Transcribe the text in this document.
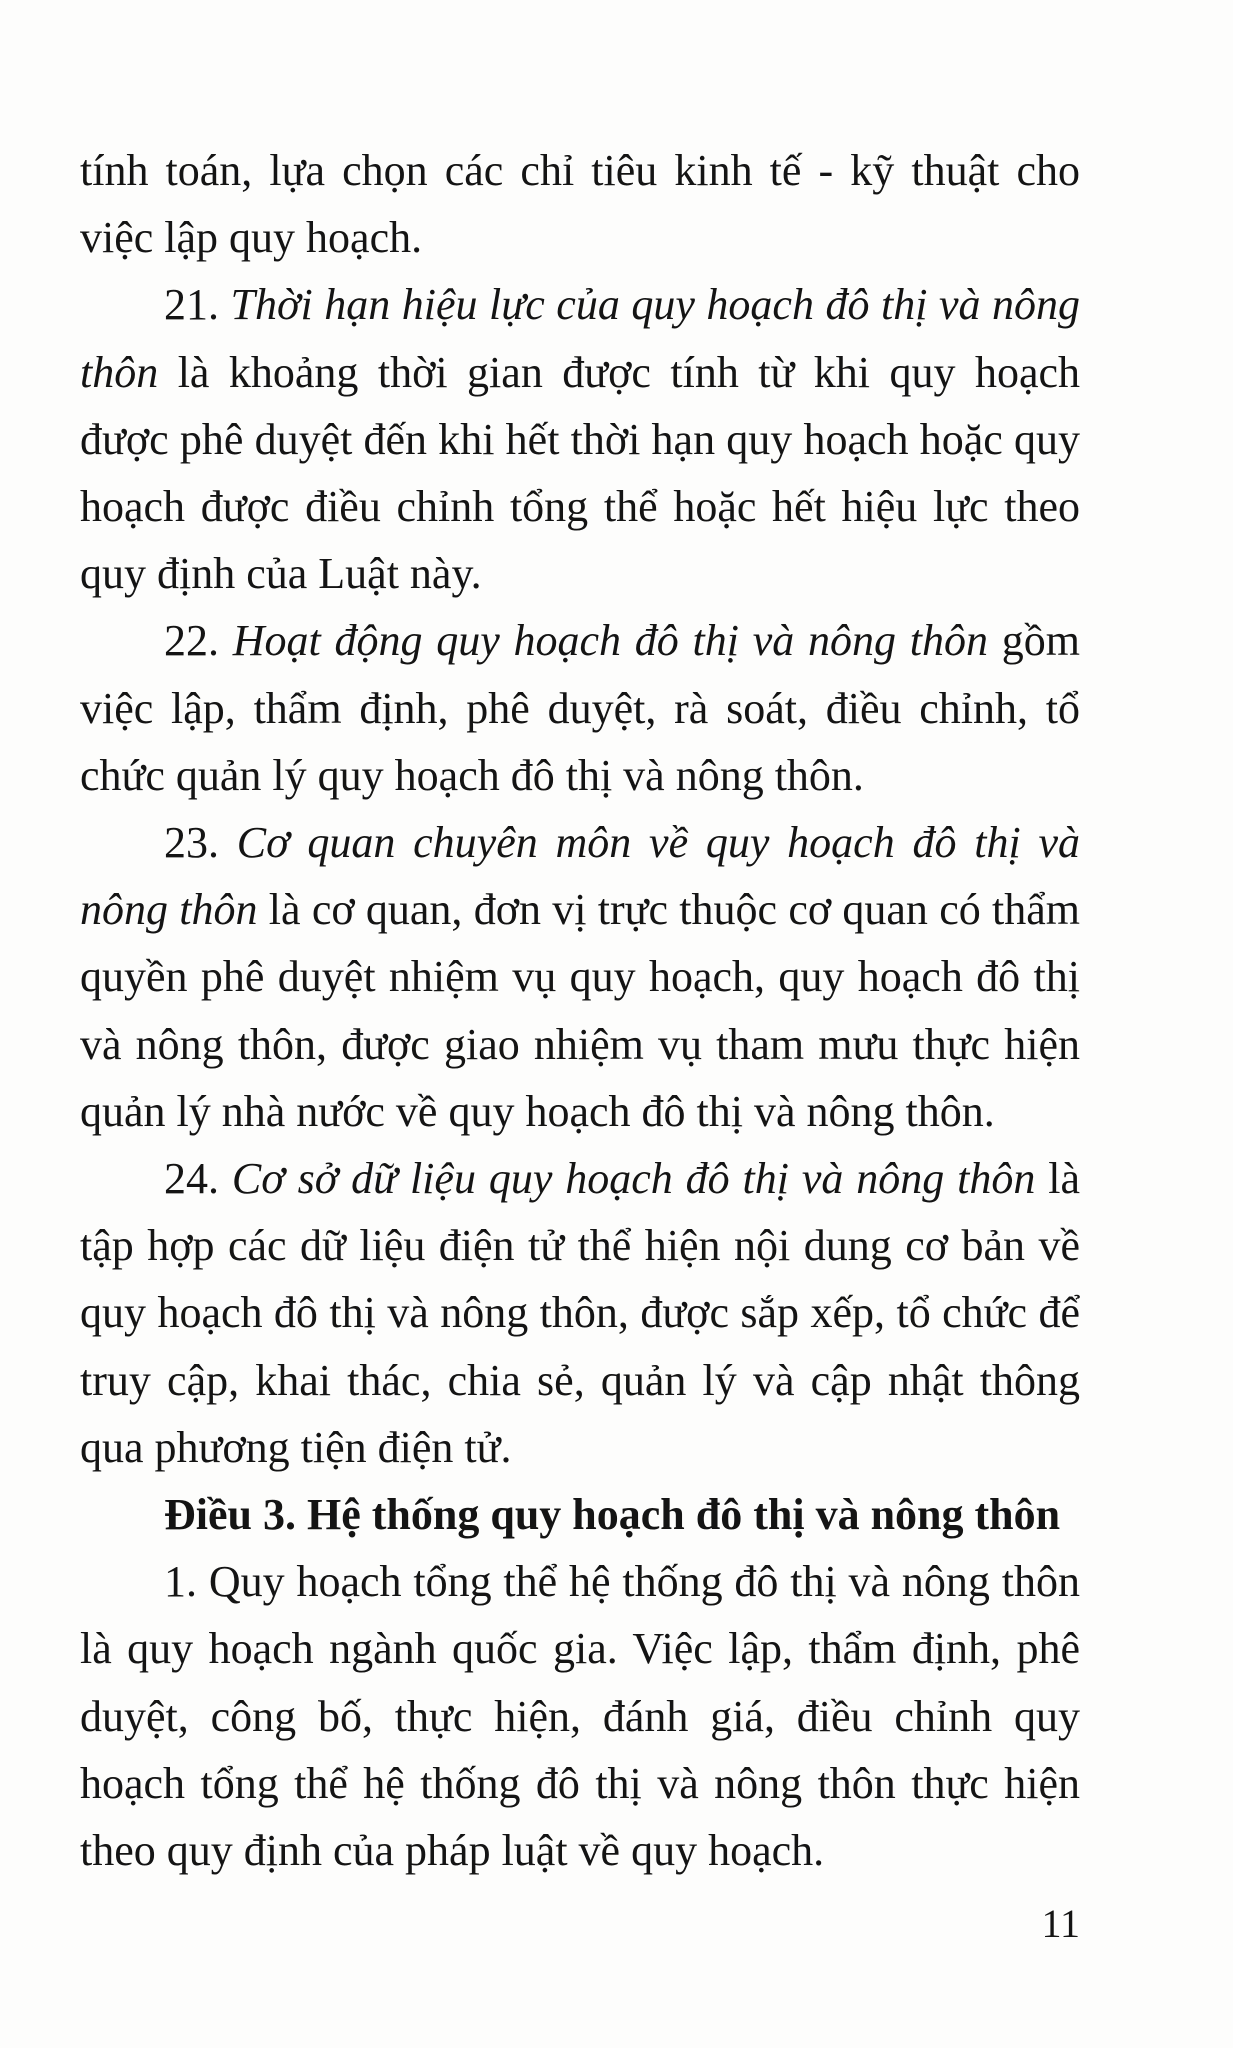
tính toán, lựa chọn các chỉ tiêu kinh tế - kỹ thuật cho việc lập quy hoạch.

21. Thời hạn hiệu lực của quy hoạch đô thị và nông thôn là khoảng thời gian được tính từ khi quy hoạch được phê duyệt đến khi hết thời hạn quy hoạch hoặc quy hoạch được điều chỉnh tổng thể hoặc hết hiệu lực theo quy định của Luật này.

22. Hoạt động quy hoạch đô thị và nông thôn gồm việc lập, thẩm định, phê duyệt, rà soát, điều chỉnh, tổ chức quản lý quy hoạch đô thị và nông thôn.

23. Cơ quan chuyên môn về quy hoạch đô thị và nông thôn là cơ quan, đơn vị trực thuộc cơ quan có thẩm quyền phê duyệt nhiệm vụ quy hoạch, quy hoạch đô thị và nông thôn, được giao nhiệm vụ tham mưu thực hiện quản lý nhà nước về quy hoạch đô thị và nông thôn.

24. Cơ sở dữ liệu quy hoạch đô thị và nông thôn là tập hợp các dữ liệu điện tử thể hiện nội dung cơ bản về quy hoạch đô thị và nông thôn, được sắp xếp, tổ chức để truy cập, khai thác, chia sẻ, quản lý và cập nhật thông qua phương tiện điện tử.

Điều 3. Hệ thống quy hoạch đô thị và nông thôn

1. Quy hoạch tổng thể hệ thống đô thị và nông thôn là quy hoạch ngành quốc gia. Việc lập, thẩm định, phê duyệt, công bố, thực hiện, đánh giá, điều chỉnh quy hoạch tổng thể hệ thống đô thị và nông thôn thực hiện theo quy định của pháp luật về quy hoạch.

11
